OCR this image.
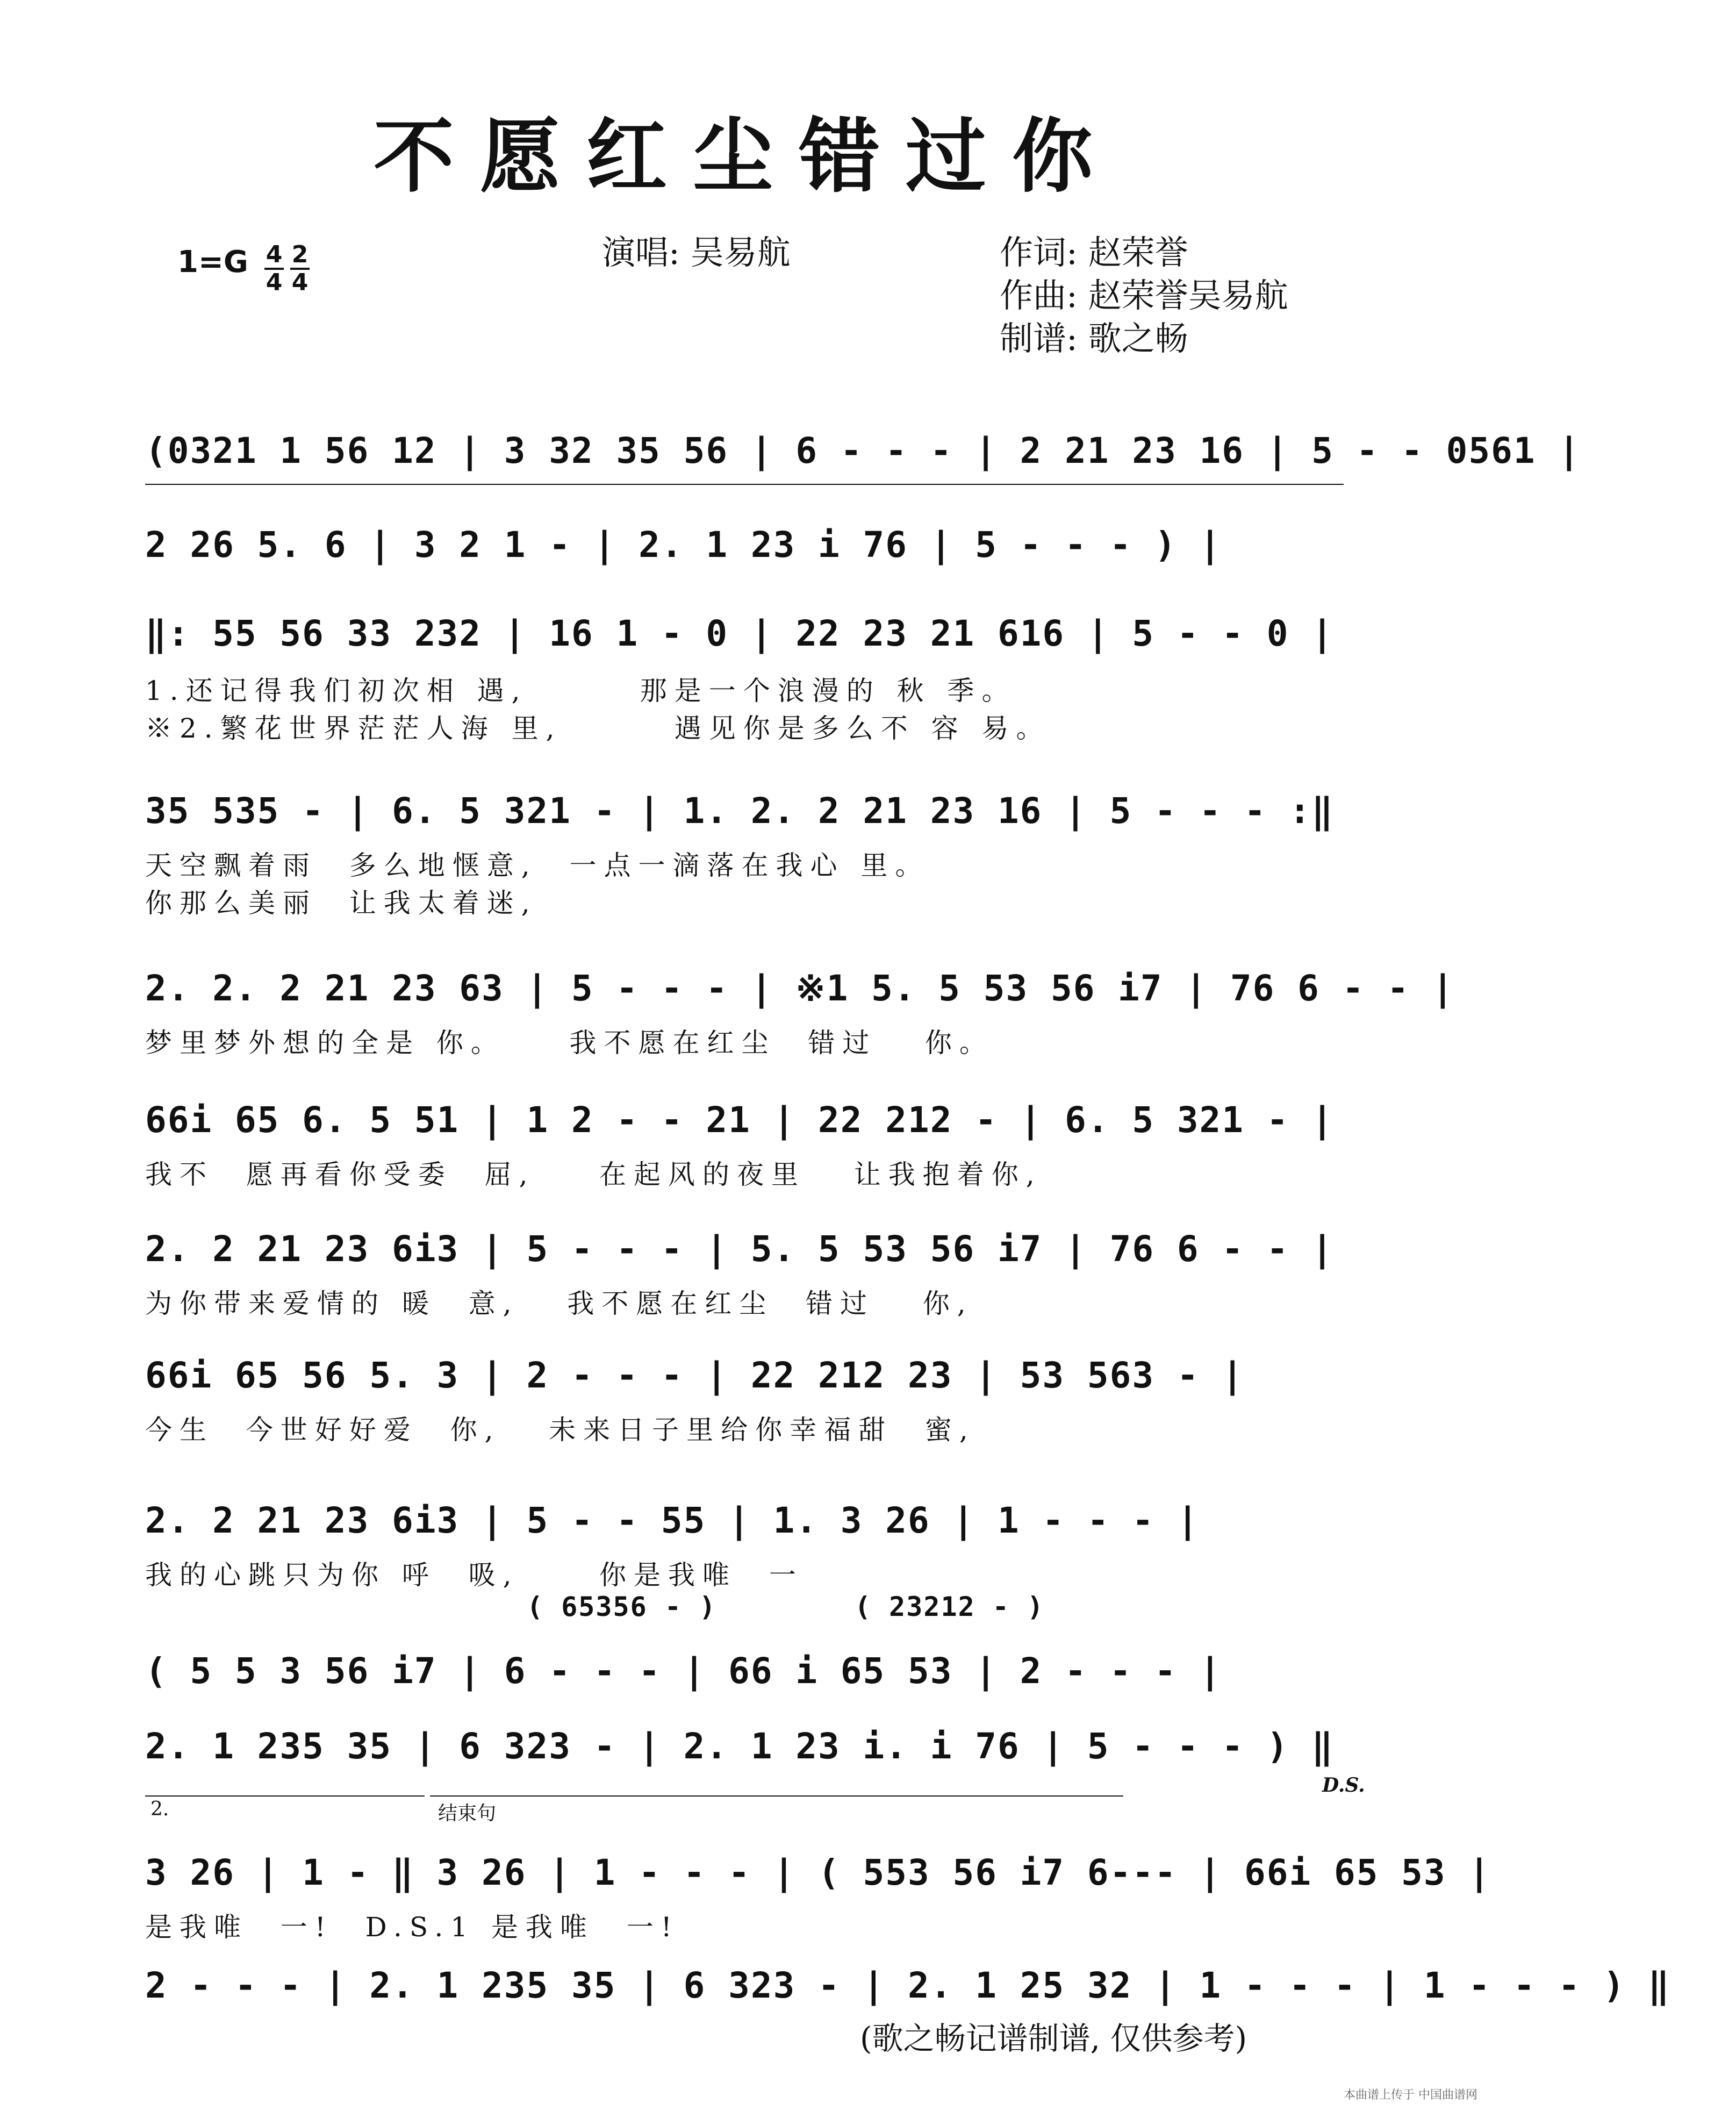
不愿红尘错过你
演唱: 吴易航	作词: 赵荣誉
作曲: 赵荣誉吴易航
制谱: 歌之畅
1=G 4
4
2
4
(0321 1 56 12 | 3 32 35 56 | 6 - - - | 2 21 23 16 | 5 - - 0561 |
2 26 5. 6 | 3 2 1 - | 2. 1 23 i 76 | 5 - - - ) |
‖: 55 56 33 232 | 16 1 - 0 | 22 23 21 616 | 5 - - 0 |
1.还记得我们初次相 遇,       那是一个浪漫的 秋 季。
※2.繁花世界茫茫人海 里,       遇见你是多么不 容 易。
35 535 - | 6. 5 321 - | 1. 2. 2 21 23 16 | 5 - - - :‖
天空飘着雨  多么地惬意,  一点一滴落在我心 里。
你那么美丽  让我太着迷,
2. 2. 2 21 23 63 | 5 - - - | ※1 5. 5 53 56 i7 | 76 6 - - |
梦里梦外想的全是 你。    我不愿在红尘  错过   你。
66i 65 6. 5 51 | 1 2 - - 21 | 22 212 - | 6. 5 321 - |
我不  愿再看你受委  屈,    在起风的夜里   让我抱着你,
2. 2 21 23 6i3 | 5 - - - | 5. 5 53 56 i7 | 76 6 - - |
为你带来爱情的 暖  意,   我不愿在红尘  错过   你,
66i 65 56 5. 3 | 2 - - - | 22 212 23 | 53 563 - |
今生  今世好好爱  你,   未来日子里给你幸福甜  蜜,
2. 2 21 23 6i3 | 5 - - 55 | 1. 3 26 | 1 - - - |
我的心跳只为你 呼  吸,     你是我唯  一
( 65356 - )        ( 23212 - )
( 5 5 3 56 i7 | 6 - - - | 66 i 65 53 | 2 - - - |
2. 1 235 35 | 6 323 - | 2. 1 23 i. i 76 | 5 - - - ) ‖
2.	结束句
D.S.
3 26 | 1 - ‖ 3 26 | 1 - - - | ( 553 56 i7 6--- | 66i 65 53 |
是我唯  一!  D.S.1 是我唯  一!
2 - - - | 2. 1 235 35 | 6 323 - | 2. 1 25 32 | 1 - - - | 1 - - - ) ‖
(歌之畅记谱制谱, 仅供参考)
本曲谱上传于 中国曲谱网
